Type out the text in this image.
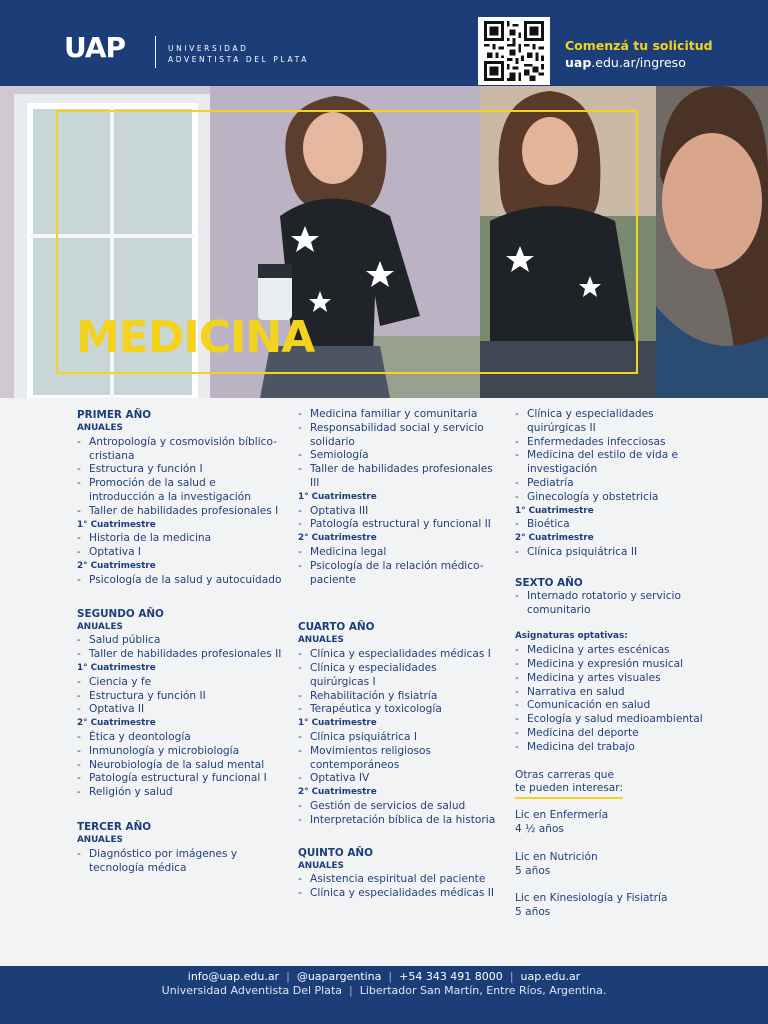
UAP	UNIVERSIDAD
ADVENTISTA DEL PLATA
Comenzá tu solicitud
uap.edu.ar/ingreso
MEDICINA
PRIMER AÑO
ANUALES
- Antropología y cosmovisión bíblico-cristiana
- Estructura y función I
- Promoción de la salud e introducción a la investigación
- Taller de habilidades profesionales I
1° Cuatrimestre
- Historia de la medicina
- Optativa I
2° Cuatrimestre
- Psicología de la salud y autocuidado
SEGUNDO AÑO
ANUALES
- Salud pública
- Taller de habilidades profesionales II
1° Cuatrimestre
- Ciencia y fe
- Estructura y función II
- Optativa II
2° Cuatrimestre
- Ética y deontología
- Inmunología y microbiología
- Neurobiología de la salud mental
- Patología estructural y funcional I
- Religión y salud
TERCER AÑO
ANUALES
- Diagnóstico por imágenes y tecnología médica
- Medicina familiar y comunitaria
- Responsabilidad social y servicio solidario
- Semiología
- Taller de habilidades profesionales III
1° Cuatrimestre
- Optativa III
- Patología estructural y funcional II
2° Cuatrimestre
- Medicina legal
- Psicología de la relación médico-paciente
CUARTO AÑO
ANUALES
- Clínica y especialidades médicas I
- Clínica y especialidades quirúrgicas I
- Rehabilitación y fisiatría
- Terapéutica y toxicología
1° Cuatrimestre
- Clínica psiquiátrica I
- Movimientos religiosos contemporáneos
- Optativa IV
2° Cuatrimestre
- Gestión de servicios de salud
- Interpretación bíblica de la historia
QUINTO AÑO
ANUALES
- Asistencia espiritual del paciente
- Clínica y especialidades médicas II
- Clínica y especialidades quirúrgicas II
- Enfermedades infecciosas
- Medicina del estilo de vida e investigación
- Pediatría
- Ginecología y obstetricia
1° Cuatrimestre
- Bioética
2° Cuatrimestre
- Clínica psiquiátrica II
SEXTO AÑO
- Internado rotatorio y servicio comunitario
Asignaturas optativas:
- Medicina y artes escénicas
- Medicina y expresión musical
- Medicina y artes visuales
- Narrativa en salud
- Comunicación en salud
- Ecología y salud medioambiental
- Medicina del deporte
- Medicina del trabajo
Otras carreras que
te pueden interesar:
Lic en Enfermería
4 ½ años
Lic en Nutrición
5 años
Lic en Kinesiología y Fisiatría
5 años
info@uap.edu.ar | @uapargentina | +54 343 491 8000 | uap.edu.ar
Universidad Adventista Del Plata | Libertador San Martín, Entre Ríos, Argentina.
